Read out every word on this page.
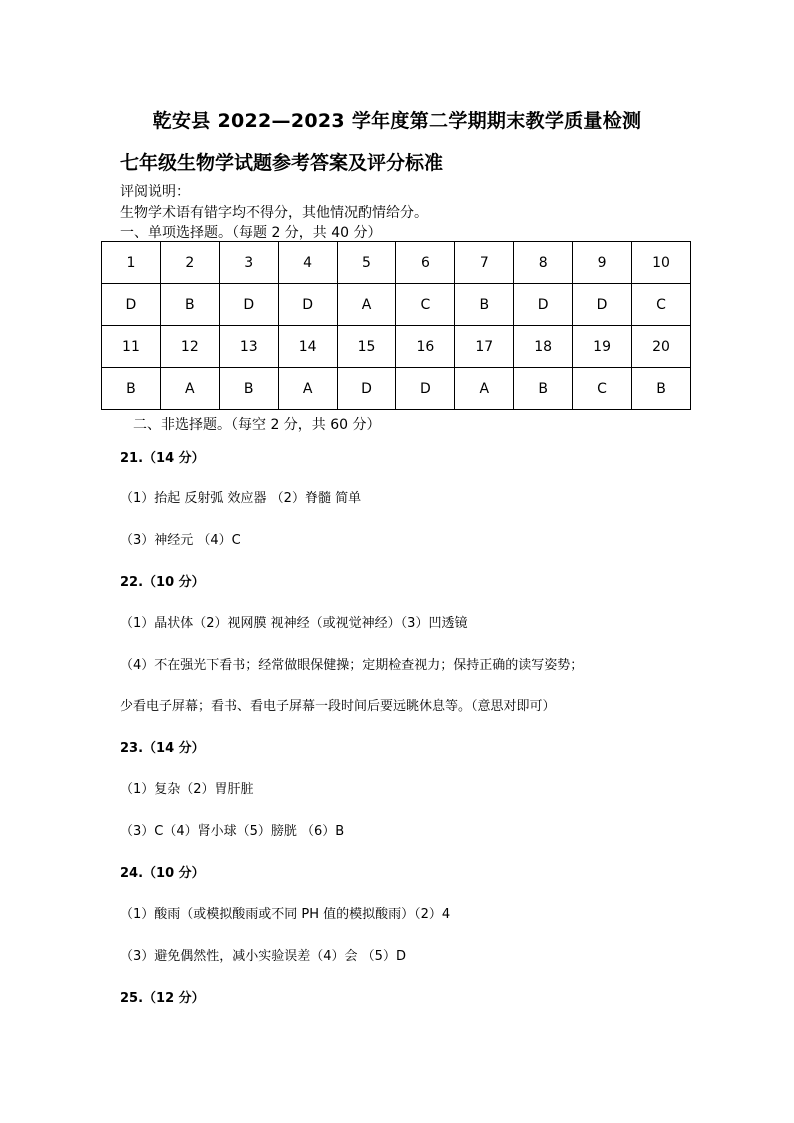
乾安县 2022—2023 学年度第二学期期末教学质量检测
七年级生物学试题参考答案及评分标准
评阅说明：
生物学术语有错字均不得分，其他情况酌情给分。
一、单项选择题。（每题 2 分，共 40 分）
1	2	3	4	5	6	7	8	9	10
D	B	D	D	A	C	B	D	D	C
11	12	13	14	15	16	17	18	19	20
B	A	B	A	D	D	A	B	C	B
二、非选择题。（每空 2 分，共 60 分）
21.（14 分）
（1）抬起 反射弧 效应器 （2）脊髓 简单
（3）神经元 （4）C
22.（10 分）
（1）晶状体（2）视网膜 视神经（或视觉神经）（3）凹透镜
（4）不在强光下看书；经常做眼保健操；定期检查视力；保持正确的读写姿势；
少看电子屏幕；看书、看电子屏幕一段时间后要远眺休息等。（意思对即可）
23.（14 分）
（1）复杂（2）胃肝脏
（3）C（4）肾小球（5）膀胱 （6）B
24.（10 分）
（1）酸雨（或模拟酸雨或不同 PH 值的模拟酸雨）（2）4
（3）避免偶然性，减小实验误差（4）会 （5）D
25.（12 分）
